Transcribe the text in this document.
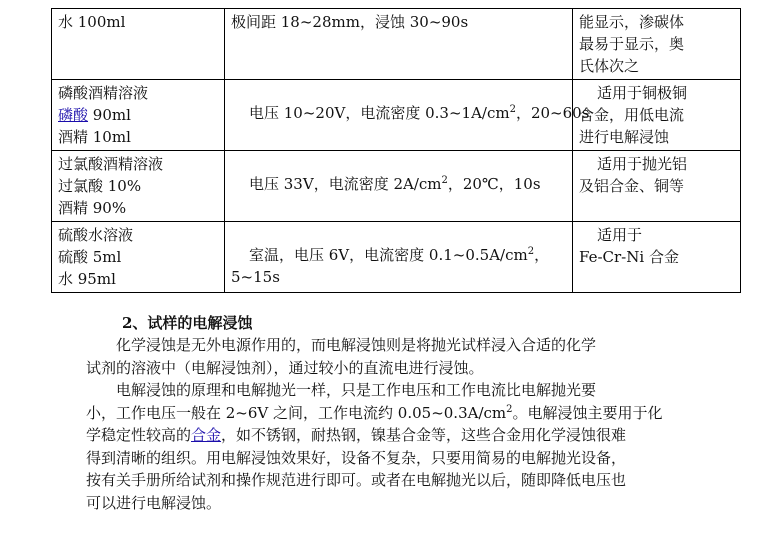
水 100ml	极间距 18~28mm，浸蚀 30~90s	能显示，渗碳体
最易于显示，奥
氏体次之

磷酸酒精溶液
磷酸 90ml
酒精 10ml	电压 10~20V，电流密度 $0.3\sim 1A/cm^2$，20~60s	适用于铜极铜
合金，用低电流
进行电解浸蚀

过氯酸酒精溶液
过氯酸 10%
酒精 90%	电压 33V，电流密度 $2A/cm^2$，20℃，10s	适用于抛光铝
及铝合金、铜等

硫酸水溶液
硫酸 5ml
水 95ml	室温，电压 6V，电流密度 $0.1\sim 0.5A/cm^2$，
5~15s	适用于
Fe-Cr-Ni 合金
2、试样的电解浸蚀
化学浸蚀是无外电源作用的，而电解浸蚀则是将抛光试样浸入合适的化学
试剂的溶液中（电解浸蚀剂），通过较小的直流电进行浸蚀。
电解浸蚀的原理和电解抛光一样，只是工作电压和工作电流比电解抛光要
小，工作电压一般在 2~6V 之间，工作电流约 $0.05\sim 0.3A/cm^2$。电解浸蚀主要用于化
学稳定性较高的合金，如不锈钢，耐热钢，镍基合金等，这些合金用化学浸蚀很难
得到清晰的组织。用电解浸蚀效果好，设备不复杂，只要用简易的电解抛光设备，
按有关手册所给试剂和操作规范进行即可。或者在电解抛光以后，随即降低电压也
可以进行电解浸蚀。
